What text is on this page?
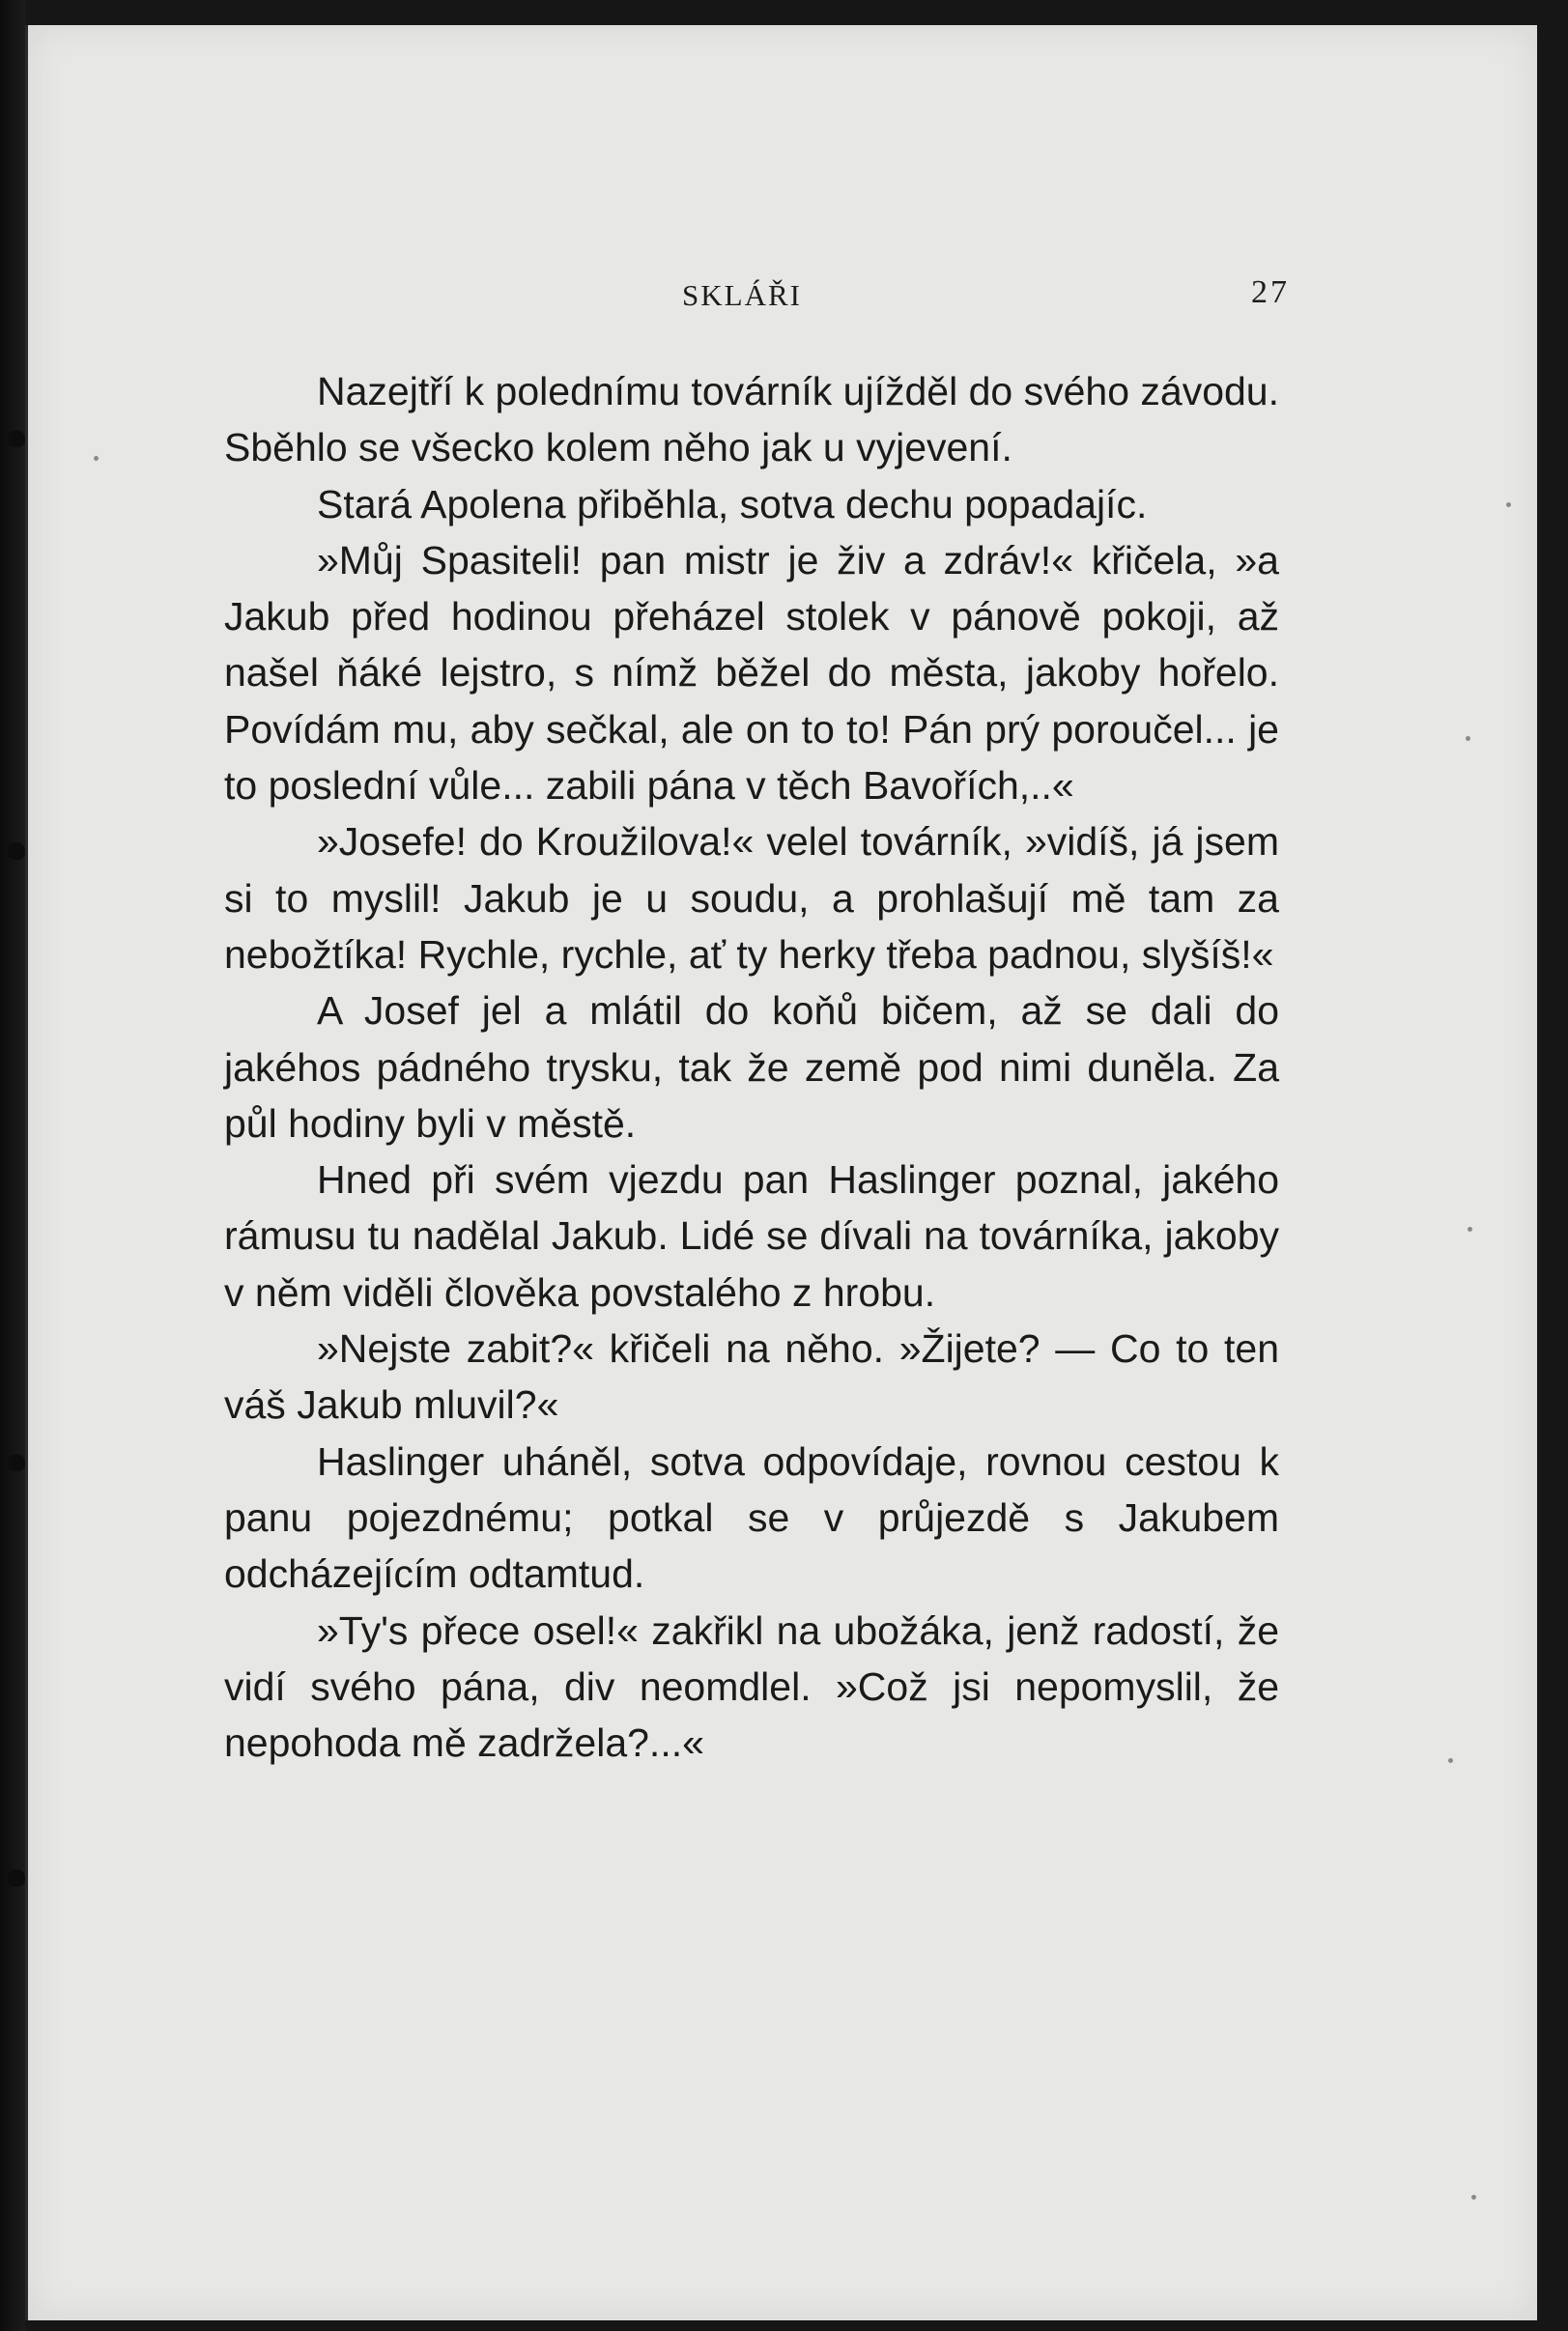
SKLÁŘI	27

Nazejtří k polednímu továrník ujížděl do svého závodu. Sběhlo se všecko kolem něho jak u vyjevení.

Stará Apolena přiběhla, sotva dechu popadajíc.

»Můj Spasiteli! pan mistr je živ a zdráv!« křičela, »a Jakub před hodinou přeházel stolek v pánově pokoji, až našel ňáké lejstro, s nímž běžel do města, jakoby hořelo. Povídám mu, aby sečkal, ale on to to! Pán prý poroučel... je to poslední vůle... zabili pána v těch Bavořích,..«

»Josefe! do Kroužilova!« velel továrník, »vidíš, já jsem si to myslil! Jakub je u soudu, a prohlašují mě tam za nebožtíka! Rychle, rychle, ať ty herky třeba padnou, slyšíš!«

A Josef jel a mlátil do koňů bičem, až se dali do jakéhos pádného trysku, tak že země pod nimi duněla. Za půl hodiny byli v městě.

Hned při svém vjezdu pan Haslinger poznal, jakého rámusu tu nadělal Jakub. Lidé se dívali na továrníka, jakoby v něm viděli člověka povstalého z hrobu.

»Nejste zabit?« křičeli na něho. »Žijete? — Co to ten váš Jakub mluvil?«

Haslinger uháněl, sotva odpovídaje, rovnou cestou k panu pojezdnému; potkal se v průjezdě s Jakubem odcházejícím odtamtud.

»Ty's přece osel!« zakřikl na ubožáka, jenž radostí, že vidí svého pána, div neomdlel. »Což jsi nepomyslil, že nepohoda mě zadržela?...«
